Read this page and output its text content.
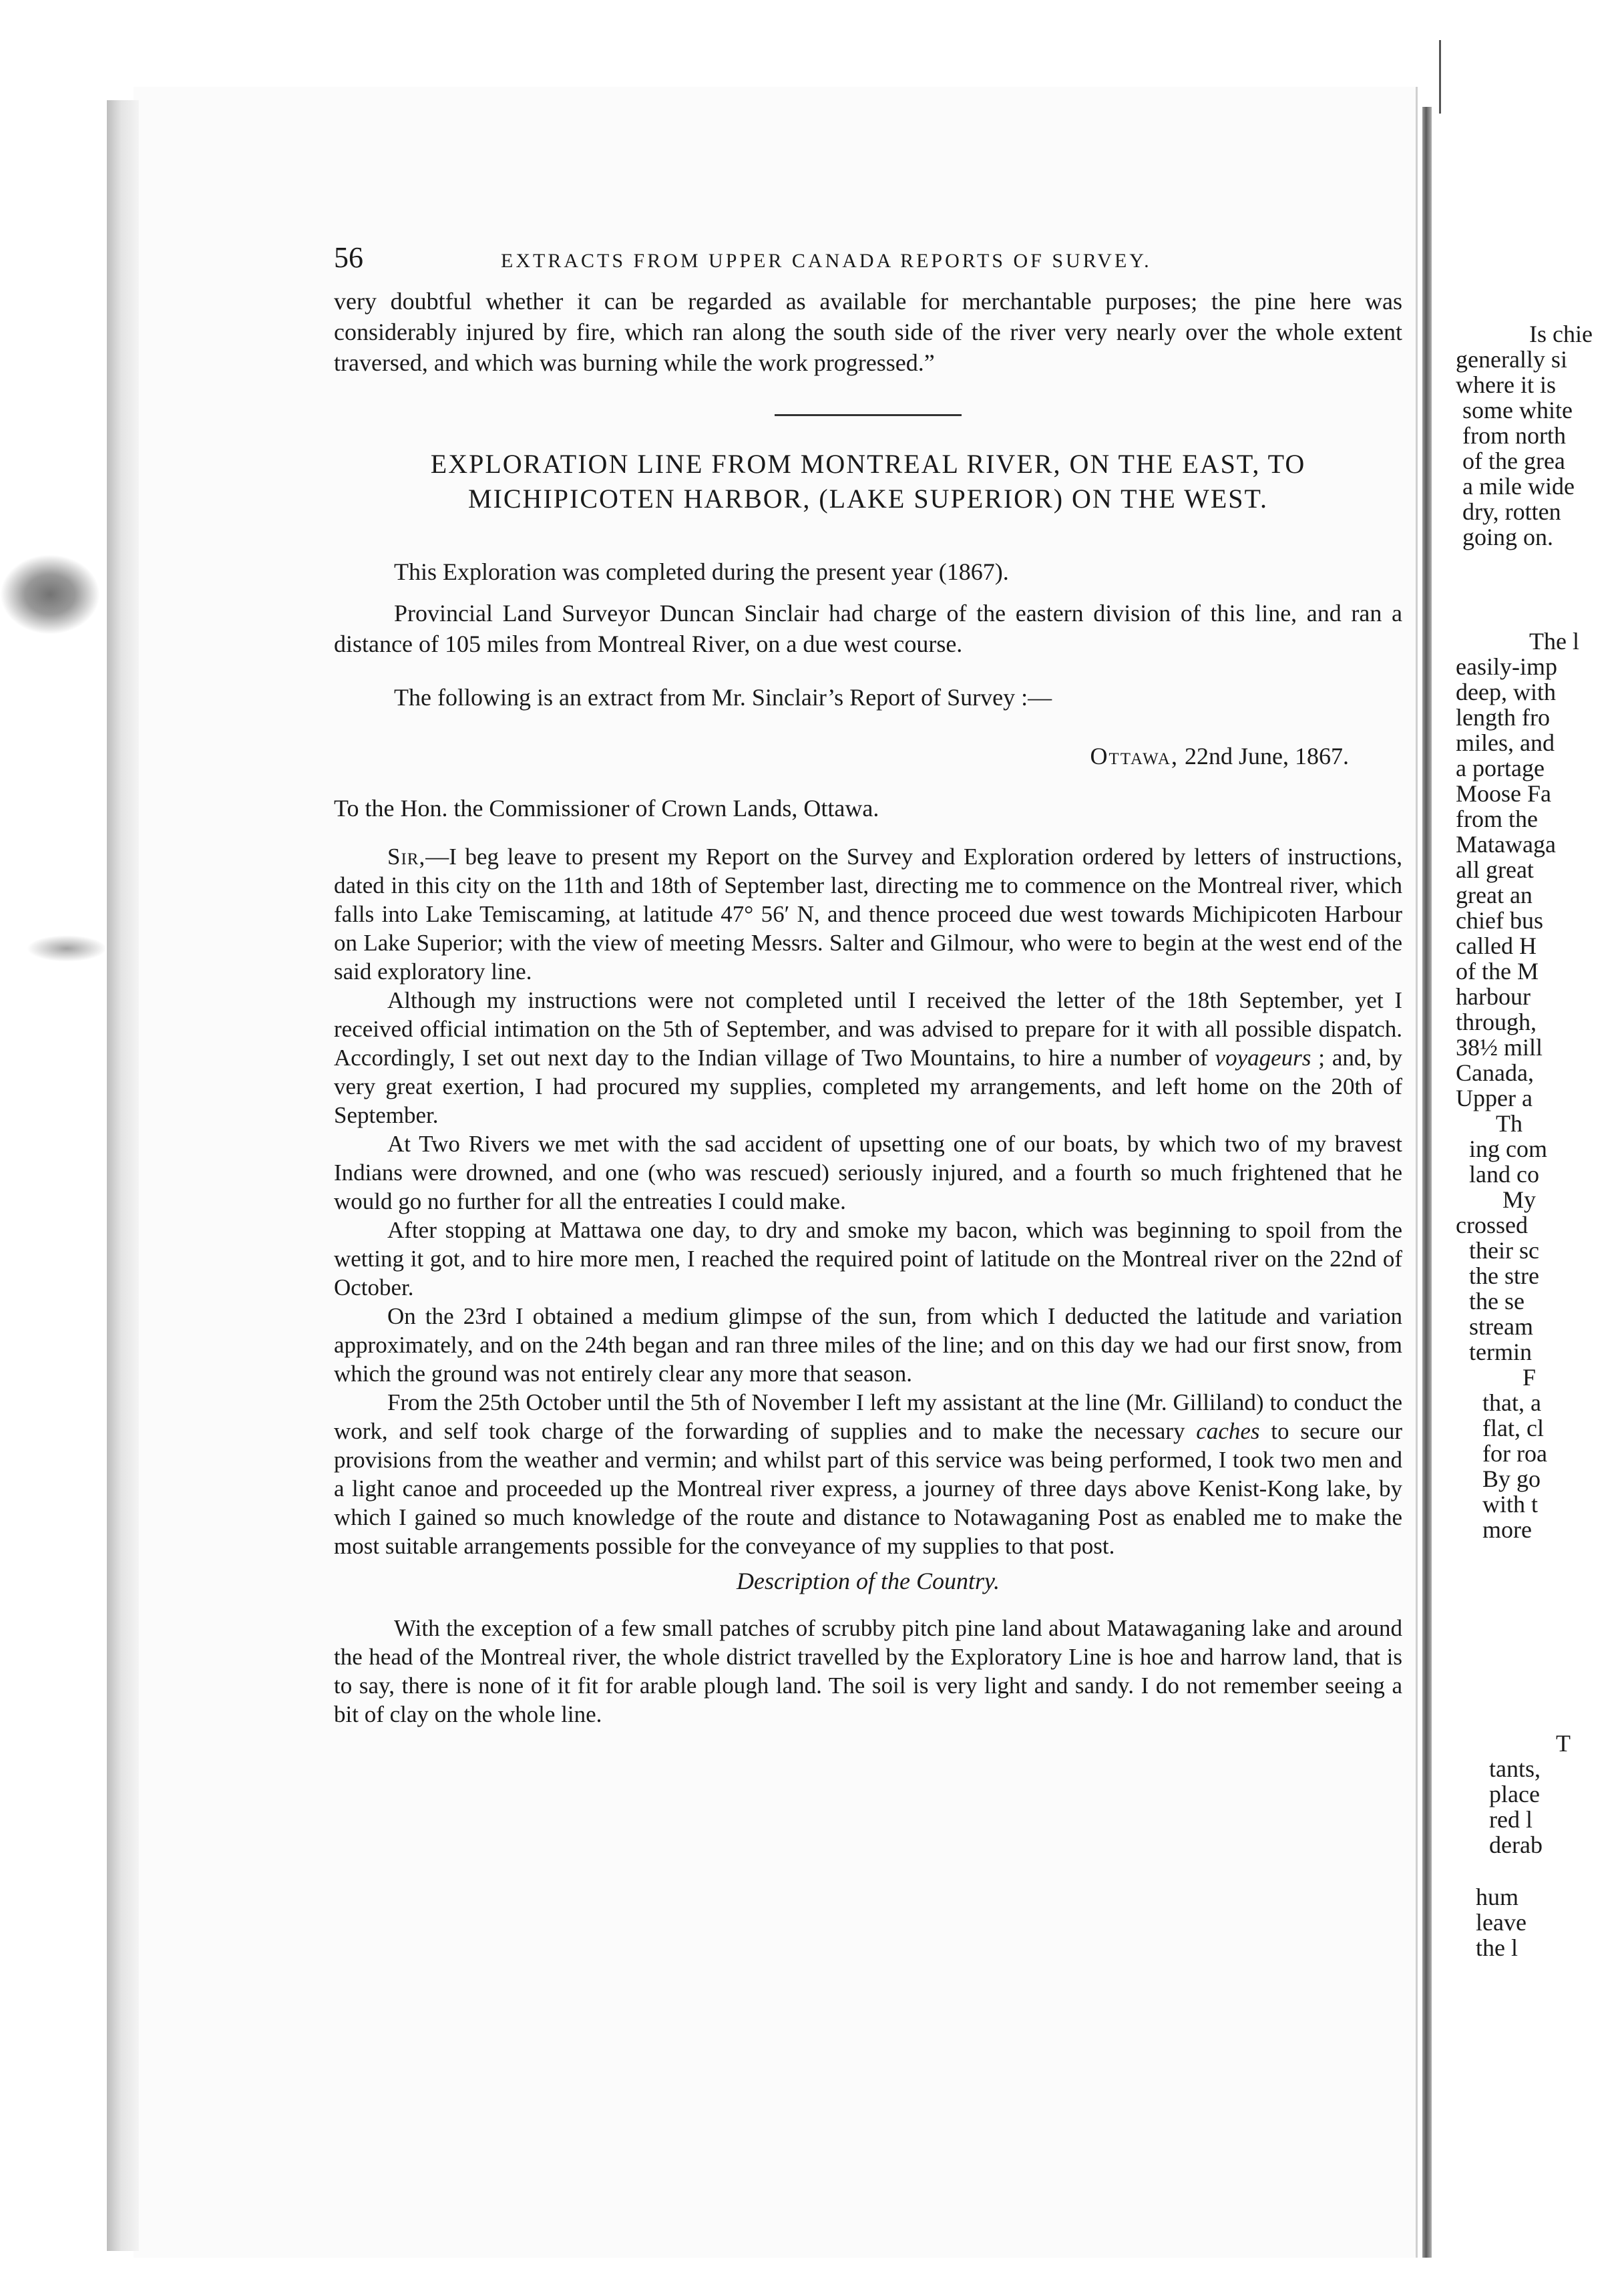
56	EXTRACTS FROM UPPER CANADA REPORTS OF SURVEY.

very doubtful whether it can be regarded as available for merchantable purposes; the pine here was considerably injured by fire, which ran along the south side of the river very nearly over the whole extent traversed, and which was burning while the work progressed.”

EXPLORATION LINE FROM MONTREAL RIVER, ON THE EAST, TO
MICHIPICOTEN HARBOR, (LAKE SUPERIOR) ON THE WEST.

This Exploration was completed during the present year (1867).

Provincial Land Surveyor Duncan Sinclair had charge of the eastern division of this line, and ran a distance of 105 miles from Montreal River, on a due west course.

The following is an extract from Mr. Sinclair’s Report of Survey :—

Ottawa, 22nd June, 1867.
To the Hon. the Commissioner of Crown Lands, Ottawa.

Sir,—I beg leave to present my Report on the Survey and Exploration ordered by letters of instructions, dated in this city on the 11th and 18th of September last, directing me to commence on the Montreal river, which falls into Lake Temiscaming, at latitude 47° 56′ N, and thence proceed due west towards Michipicoten Harbour on Lake Superior; with the view of meeting Messrs. Salter and Gilmour, who were to begin at the west end of the said exploratory line.

Although my instructions were not completed until I received the letter of the 18th September, yet I received official intimation on the 5th of September, and was advised to prepare for it with all possible dispatch. Accordingly, I set out next day to the Indian village of Two Mountains, to hire a number of voyageurs ; and, by very great exertion, I had procured my supplies, completed my arrangements, and left home on the 20th of September.

At Two Rivers we met with the sad accident of upsetting one of our boats, by which two of my bravest Indians were drowned, and one (who was rescued) seriously injured, and a fourth so much frightened that he would go no further for all the entreaties I could make.

After stopping at Mattawa one day, to dry and smoke my bacon, which was beginning to spoil from the wetting it got, and to hire more men, I reached the required point of latitude on the Montreal river on the 22nd of October.

On the 23rd I obtained a medium glimpse of the sun, from which I deducted the latitude and variation approximately, and on the 24th began and ran three miles of the line; and on this day we had our first snow, from which the ground was not entirely clear any more that season.

From the 25th October until the 5th of November I left my assistant at the line (Mr. Gilliland) to conduct the work, and self took charge of the forwarding of supplies and to make the necessary caches to secure our provisions from the weather and vermin; and whilst part of this service was being performed, I took two men and a light canoe and proceeded up the Montreal river express, a journey of three days above Kenist-Kong lake, by which I gained so much knowledge of the route and distance to Notawaganing Post as enabled me to make the most suitable arrangements possible for the conveyance of my supplies to that post.

Description of the Country.

With the exception of a few small patches of scrubby pitch pine land about Matawaganing lake and around the head of the Montreal river, the whole district travelled by the Exploratory Line is hoe and harrow land, that is to say, there is none of it fit for arable plough land. The soil is very light and sandy. I do not remember seeing a bit of clay on the whole line.

Is chie
generally si
where it is
some white
from north
of the grea
a mile wide
dry, rotten
going on.
The l
easily-imp
deep, with
length fro
miles, and
a portage
Moose Fa
from the
Matawaga
all great
great an
chief bus
called H
of the M
harbour
through,
38½ mill
Canada,
Upper a
Th
ing com
land co
My
crossed
their sc
the stre
the se
stream
termin
F
that, a
flat, cl
for roa
By go
with t
more
T
tants,
place
red l
derab
hum
leave
the l
